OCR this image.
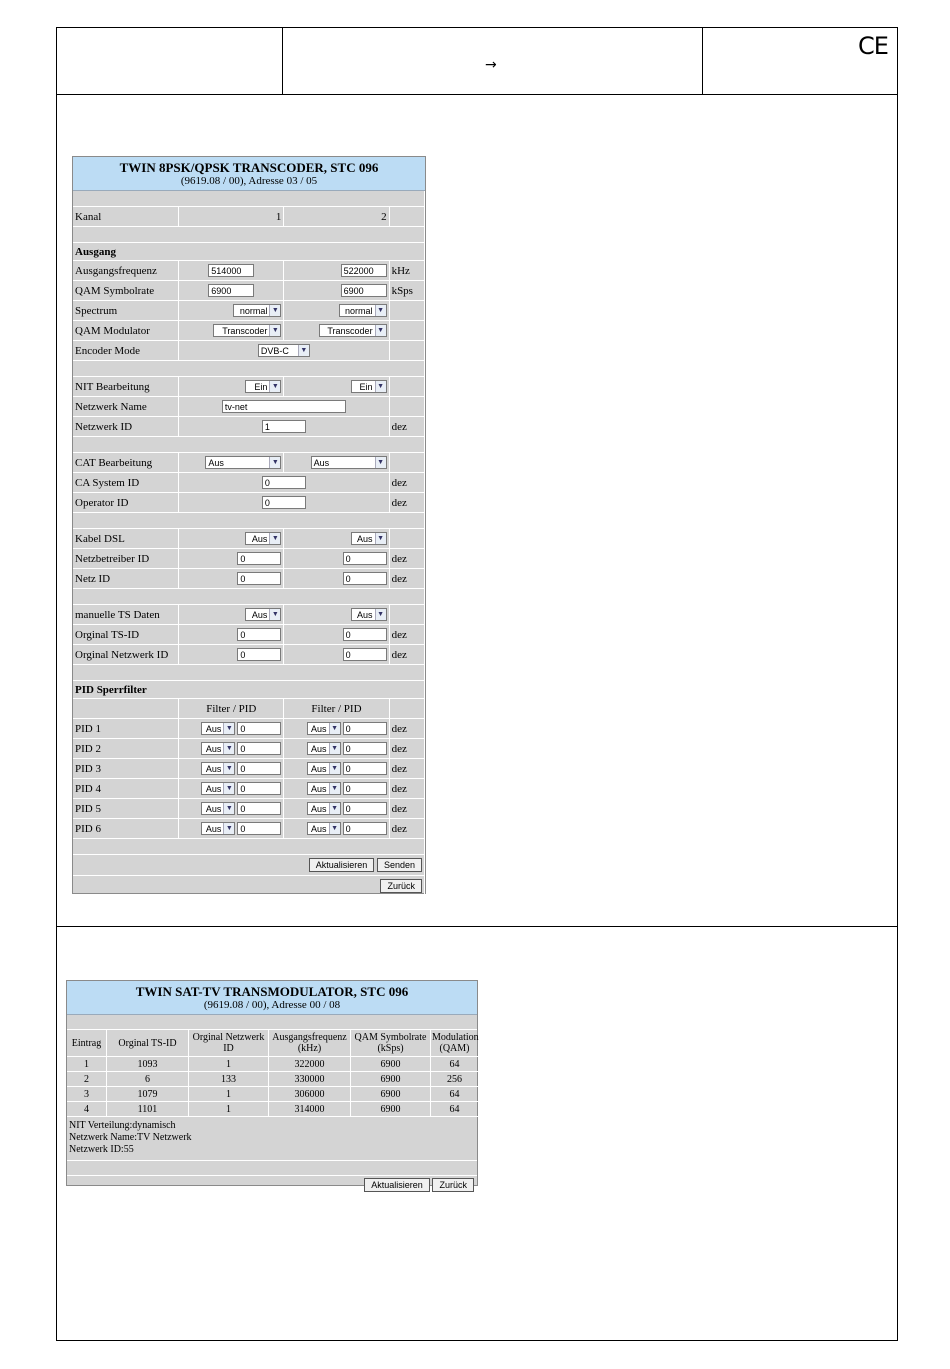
CE
→
TWIN 8PSK/QPSK TRANSCODER, STC 096
(9619.08 / 00), Adresse 03 / 05

Kanal	1	2	

Ausgang			
Ausgangsfrequenz	514000	522000	kHz
QAM Symbolrate	6900	6900	kSps
Spectrum	normal ▼	normal ▼	

QAM Modulator	Transcoder ▼	Transcoder ▼	

Encoder Mode	DVB-C ▼		

NIT Bearbeitung	Ein ▼	Ein ▼	

Netzwerk Name	tv-net		
Netzwerk ID	1		dez

CAT Bearbeitung	Aus ▼	Aus ▼	

CA System ID	0		dez
Operator ID	0		dez

Kabel DSL	Aus ▼	Aus ▼	

Netzbetreiber ID	0	0	dez
Netz ID	0	0	dez

manuelle TS Daten	Aus ▼	Aus ▼	

Orginal TS-ID	0	0	dez
Orginal Netzwerk ID	0	0	dez

PID Sperrfilter			
	Filter / PID	Filter / PID	
PID 1	Aus ▼ 0	Aus ▼ 0	dez
PID 2	Aus ▼ 0	Aus ▼ 0	dez
PID 3	Aus ▼ 0	Aus ▼ 0	dez
PID 4	Aus ▼ 0	Aus ▼ 0	dez
PID 5	Aus ▼ 0	Aus ▼ 0	dez
PID 6	Aus ▼ 0	Aus ▼ 0	dez

Aktualisieren Senden
Zurück
TWIN SAT-TV TRANSMODULATOR, STC 096
(9619.08 / 00), Adresse 00 / 08
Eintrag	Orginal TS-ID	Orginal Netzwerk ID	Ausgangsfrequenz (kHz)	QAM Symbolrate (kSps)	Modulation (QAM)
1	1093	1	322000	6900	64
2	6	133	330000	6900	256
3	1079	1	306000	6900	64
4	1101	1	314000	6900	64
NIT Verteilung:dynamisch
Netzwerk Name:TV Netzwerk
Netzwerk ID:55
Aktualisieren Zurück
